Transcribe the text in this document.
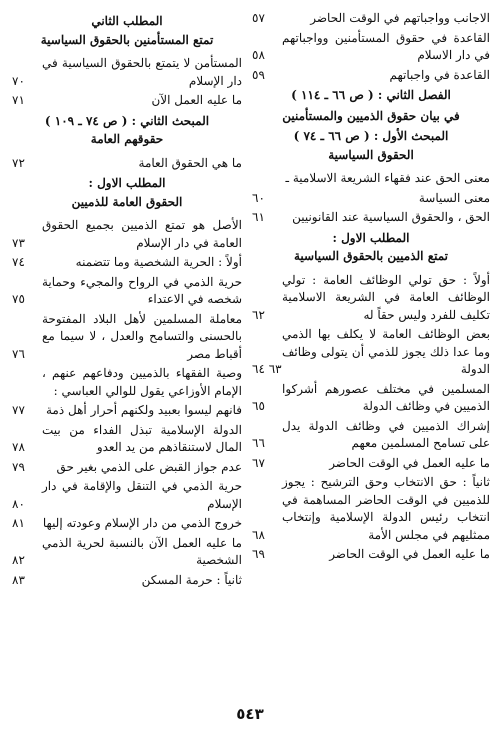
الاجانب وواجباتهم في الوقت الحاضر
٥٧
القاعدة في حقوق المستأمنين وواجباتهم في دار الاسلام
٥٨
القاعدة في واجباتهم
٥٩
الفصل الثاني : ( ص ٦٦ ـ ١١٤ )
في بيان حقوق الذميين والمستأمنين
المبحث الأول : ( ص ٦٦ ـ ٧٤ )
الحقوق السياسية
معنى الحق عند فقهاء الشريعة الاسلامية ـ
معنى السياسة
٦٠
الحق ، والحقوق السياسية عند القانونيين
٦١
المطلب الاول :
تمتع الذميين بالحقوق السياسية
أولاً : حق تولي الوظائف العامة : تولي الوظائف العامة في الشريعة الاسلامية تكليف للفرد وليس حقاً له
٦٢
بعض الوظائف العامة لا يكلف بها الذمي وما عدا ذلك يجوز للذمي أن يتولى وظائف الدولة
٦٣ ٦٤
المسلمين في مختلف عصورهم أشركوا الذميين في وظائف الدولة
٦٥
إشراك الذميين في وظائف الدولة يدل على تسامح المسلمين معهم
٦٦
ما عليه العمل في الوقت الحاضر
٦٧
ثانياً : حق الانتخاب وحق الترشيح : يجوز للذميين في الوقت الحاضر المساهمة في انتخاب رئيس الدولة الإسلامية وإنتخاب ممثليهم في مجلس الأمة
٦٨
ما عليه العمل في الوقت الحاضر
٦٩
المطلب الثاني
تمتع المستأمنين بالحقوق السياسية
المستأمن لا يتمتع بالحقوق السياسية في دار الإسلام
٧٠
ما عليه العمل الآن
٧١
المبحث الثاني : ( ص ٧٤ ـ ١٠٩ )
حقوقهم العامة
ما هي الحقوق العامة
٧٢
المطلب الاول :
الحقوق العامة للذميين
الأصل هو تمتع الذميين بجميع الحقوق العامة في دار الإسلام
٧٣
أولاً : الحرية الشخصية وما تتضمنه
٧٤
حرية الذمي في الرواح والمجيء وحماية شخصه في الاعتداء
٧٥
معاملة المسلمين لأهل البلاد المفتوحة بالحسنى والتسامح والعدل ، لا سيما مع أقباط مصر
٧٦
وصية الفقهاء بالذميين ودفاعهم عنهم ، الإمام الأوزاعي يقول للوالي العباسي :
فانهم ليسوا بعبيد ولكنهم أحرار أهل ذمة
٧٧
الدولة الإسلامية تبذل الفداء من بيت المال لاستنقاذهم من يد العدو
٧٨
عدم جواز القبض على الذمي بغير حق
٧٩
حرية الذمي في التنقل والإقامة في دار الإسلام
٨٠
خروج الذمي من دار الإسلام وعودته إليها
٨١
ما عليه العمل الآن بالنسبة لحرية الذمي الشخصية
٨٢
ثانياً : حرمة المسكن
٨٣
٥٤٣
